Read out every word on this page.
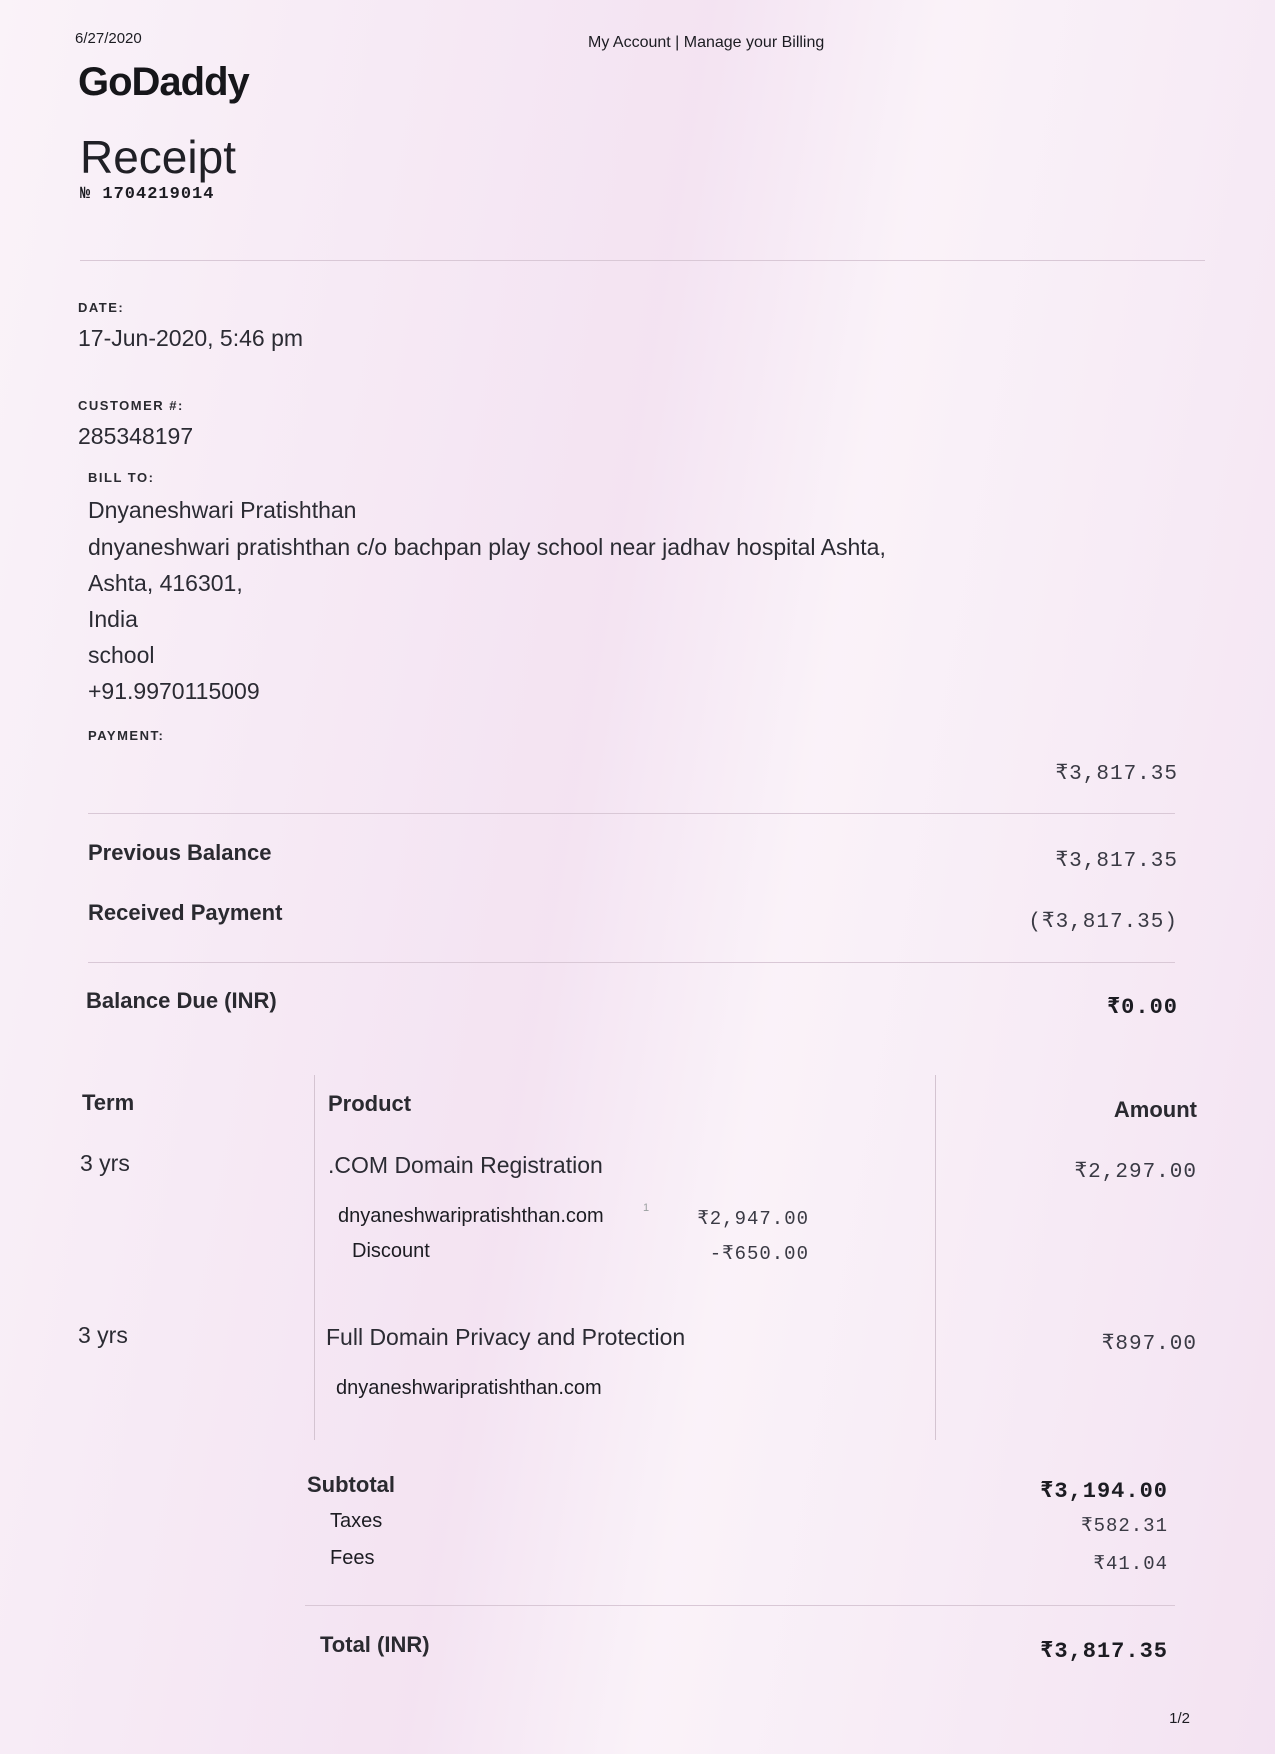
6/27/2020	My Account | Manage your Billing
GoDaddy
Receipt
№ 1704219014
DATE:
17-Jun-2020, 5:46 pm
CUSTOMER #:
285348197
BILL TO:
Dnyaneshwari Pratishthan
dnyaneshwari pratishthan c/o bachpan play school near jadhav hospital Ashta,
Ashta, 416301,
India
school
+91.9970115009
PAYMENT:
₹3,817.35
Previous Balance	₹3,817.35
Received Payment	(₹3,817.35)
Balance Due (INR)	₹0.00
Term	Product	Amount
3 yrs	.COM Domain Registration	₹2,297.00
dnyaneshwaripratishthan.com	1	₹2,947.00
Discount	-₹650.00
3 yrs	Full Domain Privacy and Protection	₹897.00
dnyaneshwaripratishthan.com
Subtotal	₹3,194.00
Taxes	₹582.31
Fees	₹41.04
Total (INR)	₹3,817.35
1/2
